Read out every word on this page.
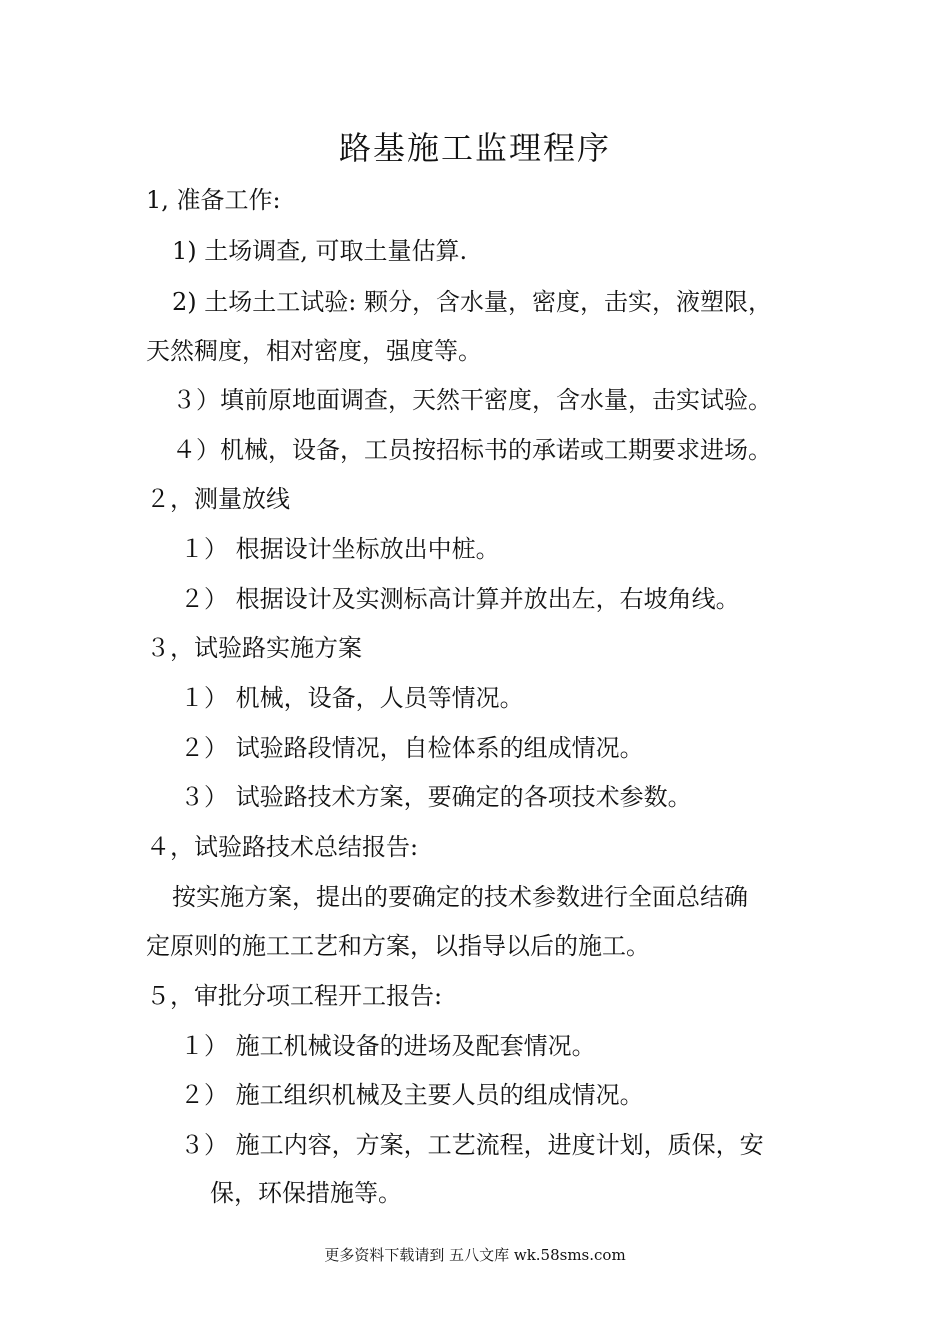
路基施工监理程序
1, 准备工作:
1) 土场调查, 可取土量估算.
2) 土场土工试验: 颗分，含水量，密度，击实，液塑限，
天然稠度，相对密度，强度等。
３）填前原地面调查，天然干密度，含水量，击实试验。
４）机械，设备，工员按招标书的承诺或工期要求进场。
２，测量放线
１） 根据设计坐标放出中桩。
２） 根据设计及实测标高计算并放出左，右坡角线。
３，试验路实施方案
１） 机械，设备，人员等情况。
２） 试验路段情况，自检体系的组成情况。
３） 试验路技术方案，要确定的各项技术参数。
４，试验路技术总结报告:
按实施方案，提出的要确定的技术参数进行全面总结确
定原则的施工工艺和方案，以指导以后的施工。
５，审批分项工程开工报告:
１） 施工机械设备的进场及配套情况。
２） 施工组织机械及主要人员的组成情况。
３） 施工内容，方案，工艺流程，进度计划，质保，安
保，环保措施等。
更多资料下载请到 五八文库 wk.58sms.com
